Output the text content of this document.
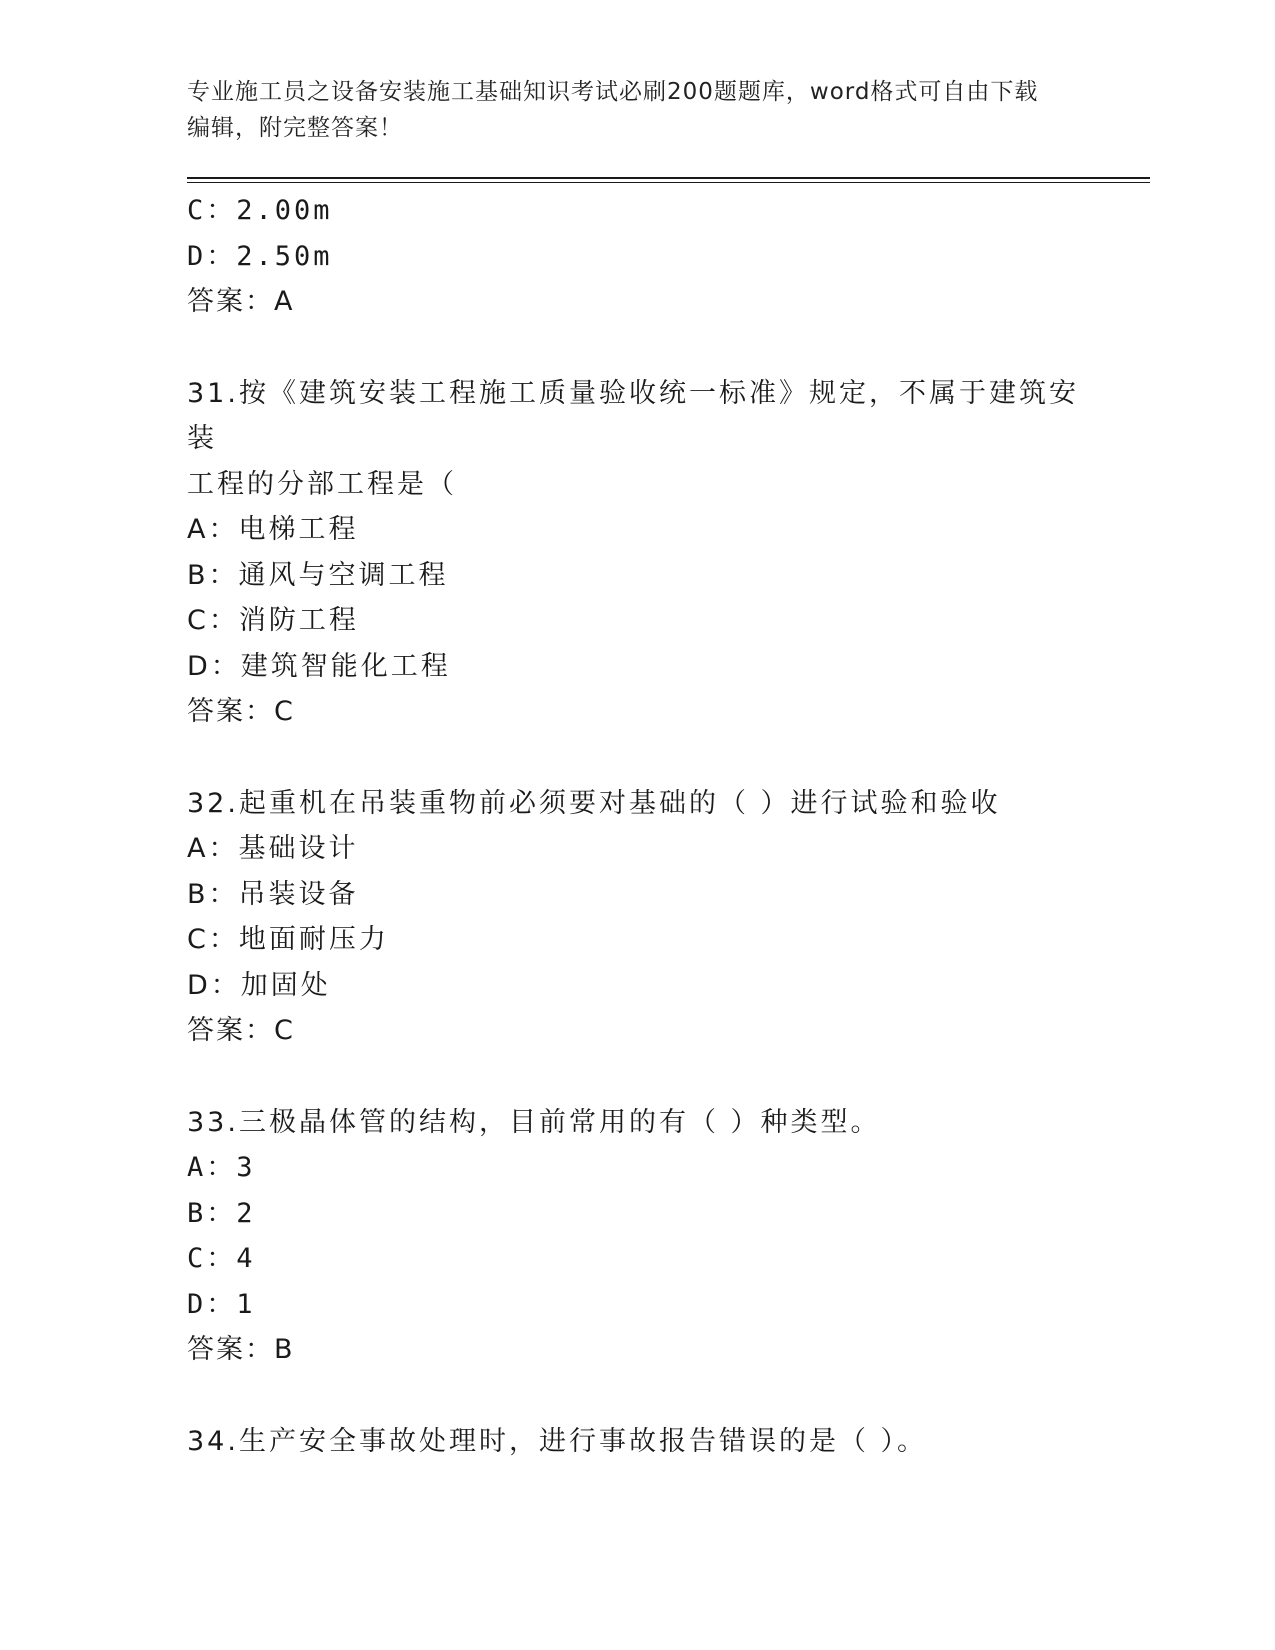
专业施工员之设备安装施工基础知识考试必刷200题题库，word格式可自由下载
编辑，附完整答案！
C：2.00m
D：2.50m
答案：A
31.按《建筑安装工程施工质量验收统一标准》规定，不属于建筑安装
工程的分部工程是（
A：电梯工程
B：通风与空调工程
C：消防工程
D：建筑智能化工程
答案：C
32.起重机在吊装重物前必须要对基础的（ ）进行试验和验收
A：基础设计
B：吊装设备
C：地面耐压力
D：加固处
答案：C
33.三极晶体管的结构，目前常用的有（ ）种类型。
A：3
B：2
C：4
D：1
答案：B
34.生产安全事故处理时，进行事故报告错误的是（ ）。
